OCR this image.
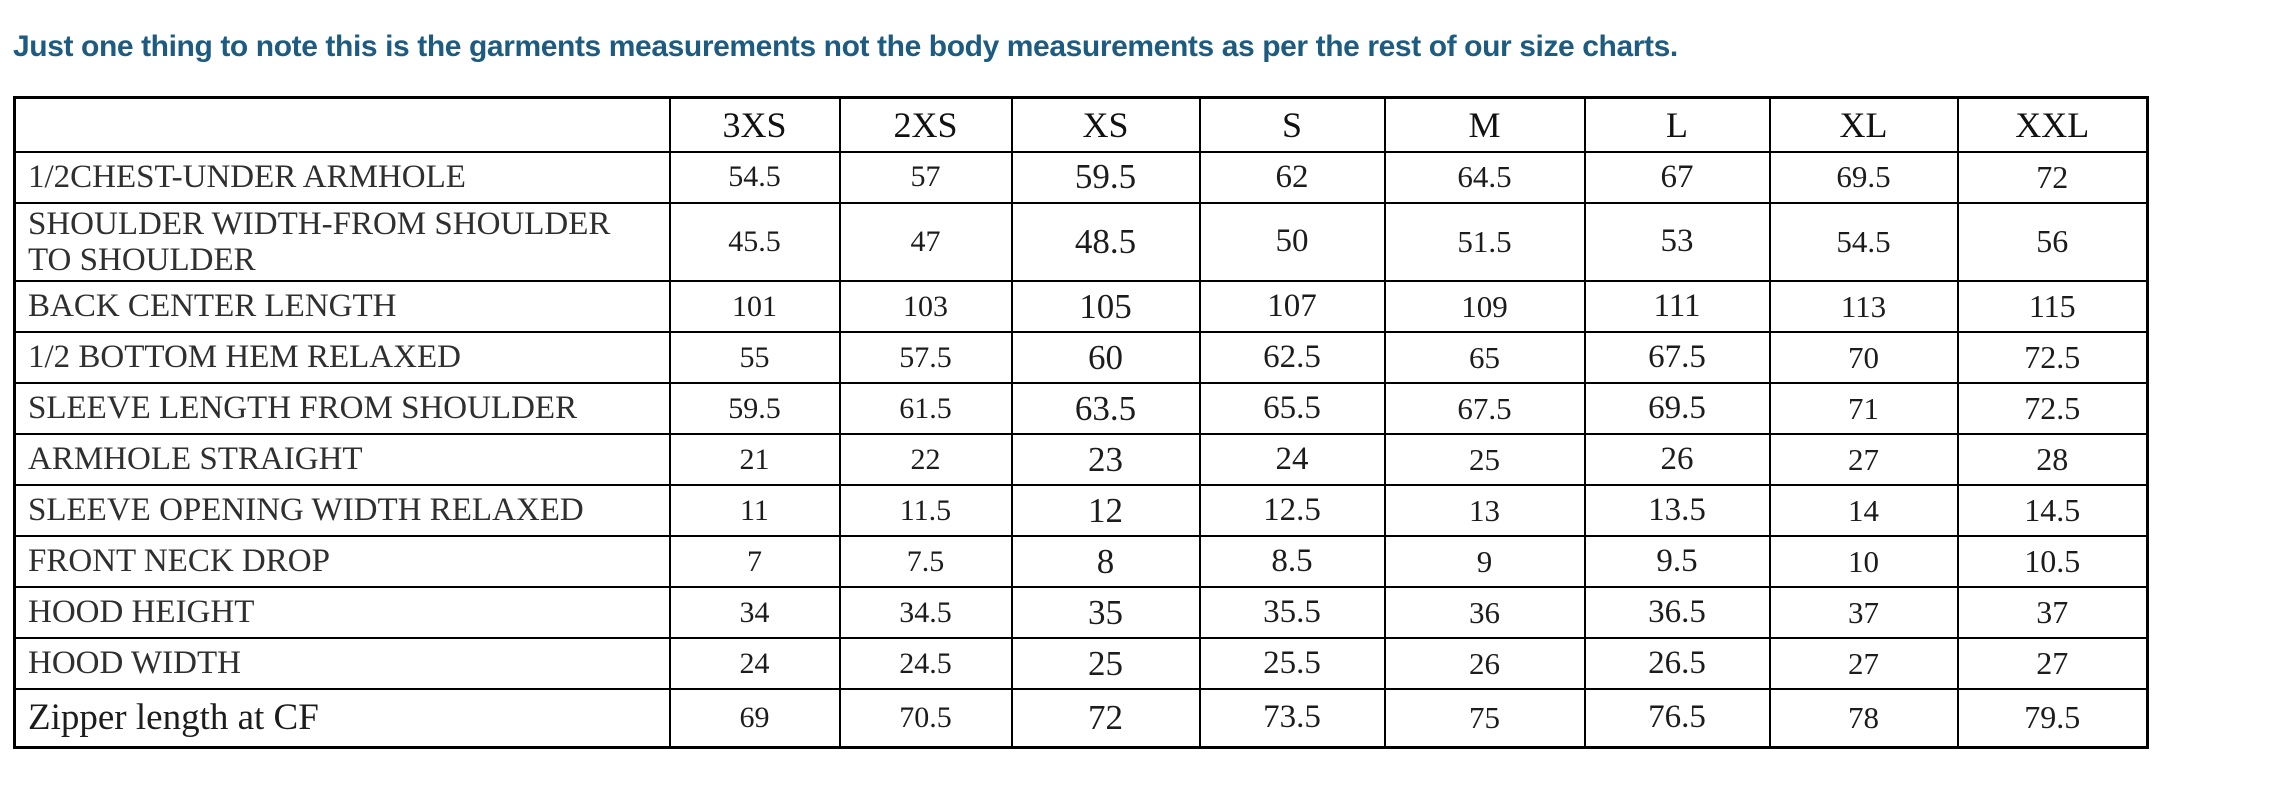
Just one thing to note this is the garments measurements not the body measurements as per the rest of our size charts.

	3XS	2XS	XS	S	M	L	XL	XXL
1/2CHEST-UNDER ARMHOLE	54.5	57	59.5	62	64.5	67	69.5	72
SHOULDER WIDTH-FROM SHOULDER TO SHOULDER	45.5	47	48.5	50	51.5	53	54.5	56
BACK CENTER LENGTH	101	103	105	107	109	111	113	115
1/2 BOTTOM HEM RELAXED	55	57.5	60	62.5	65	67.5	70	72.5
SLEEVE LENGTH FROM SHOULDER	59.5	61.5	63.5	65.5	67.5	69.5	71	72.5
ARMHOLE STRAIGHT	21	22	23	24	25	26	27	28
SLEEVE OPENING WIDTH RELAXED	11	11.5	12	12.5	13	13.5	14	14.5
FRONT NECK DROP	7	7.5	8	8.5	9	9.5	10	10.5
HOOD HEIGHT	34	34.5	35	35.5	36	36.5	37	37
HOOD WIDTH	24	24.5	25	25.5	26	26.5	27	27
Zipper length at CF	69	70.5	72	73.5	75	76.5	78	79.5
